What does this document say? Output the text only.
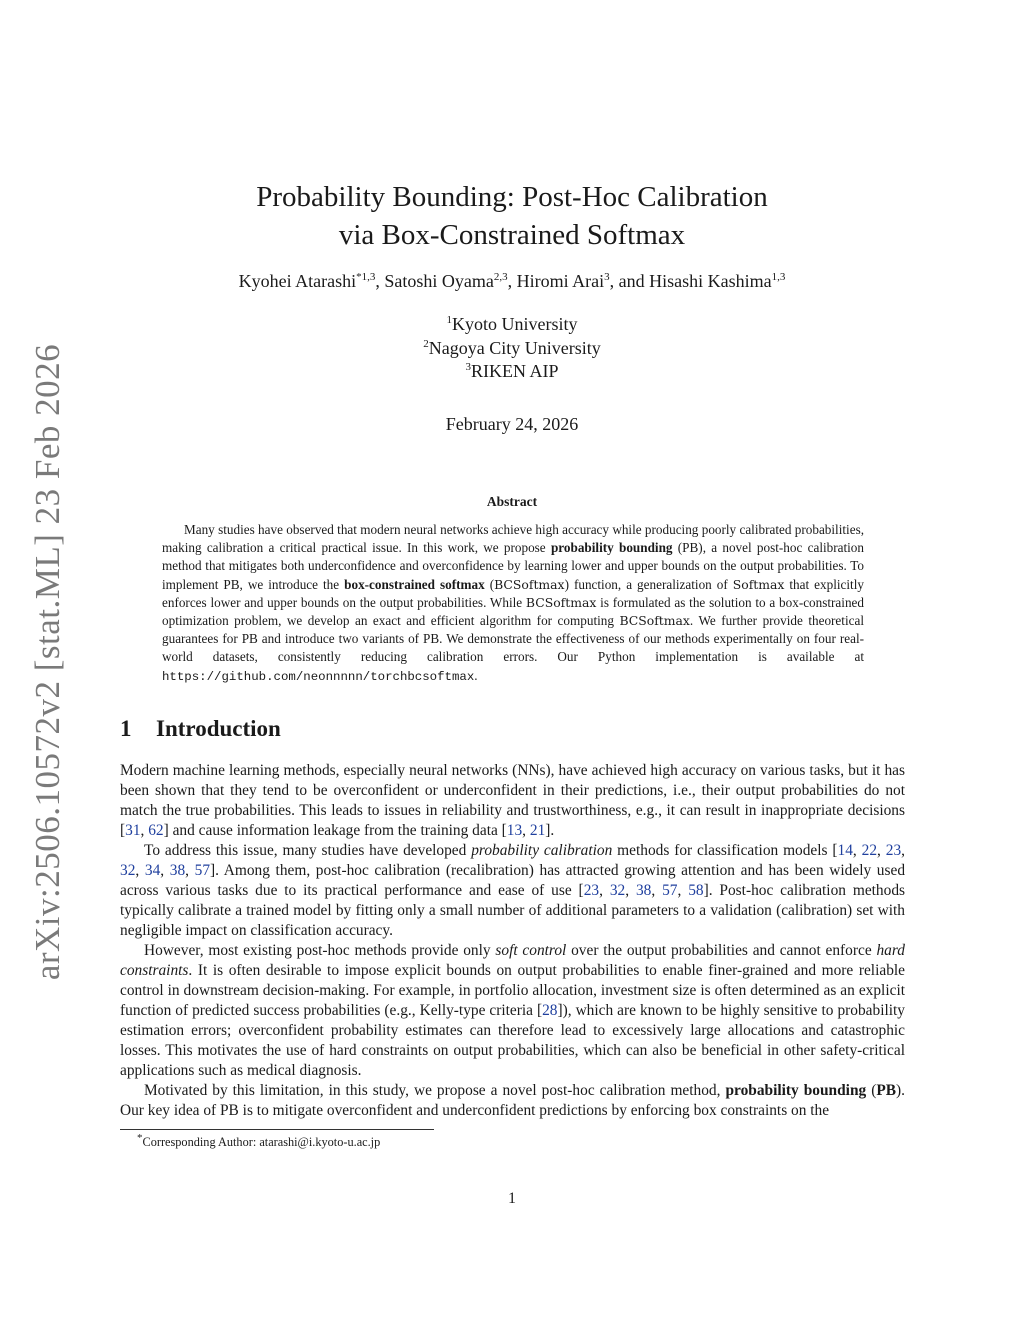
arXiv:2506.10572v2 [stat.ML] 23 Feb 2026
Probability Bounding: Post-Hoc Calibration
via Box-Constrained Softmax
Kyohei Atarashi$^{*1,3}$, Satoshi Oyama$^{2,3}$, Hiromi Arai$^3$, and Hisashi Kashima$^{1,3}$
$^1$Kyoto University
$^2$Nagoya City University
$^3$RIKEN AIP
February 24, 2026
Abstract

Many studies have observed that modern neural networks achieve high accuracy while producing poorly calibrated probabilities, making calibration a critical practical issue. In this work, we propose probability bounding (PB), a novel post-hoc calibration method that mitigates both underconfidence and overconfidence by learning lower and upper bounds on the output probabilities. To implement PB, we introduce the box-constrained softmax (BCSoftmax) function, a generalization of Softmax that explicitly enforces lower and upper bounds on the output probabilities. While BCSoftmax is formulated as the solution to a box-constrained optimization problem, we develop an exact and efficient algorithm for computing BCSoftmax. We further provide theoretical guarantees for PB and introduce two variants of PB. We demonstrate the effectiveness of our methods experimentally on four real-world datasets, consistently reducing calibration errors. Our Python implementation is available at https://github.com/neonnnnn/torchbcsoftmax.

1 Introduction

Modern machine learning methods, especially neural networks (NNs), have achieved high accuracy on various tasks, but it has been shown that they tend to be overconfident or underconfident in their predictions, i.e., their output probabilities do not match the true probabilities. This leads to issues in reliability and trustworthiness, e.g., it can result in inappropriate decisions [31, 62] and cause information leakage from the training data [13, 21].

To address this issue, many studies have developed probability calibration methods for classification models [14, 22, 23, 32, 34, 38, 57]. Among them, post-hoc calibration (recalibration) has attracted growing attention and has been widely used across various tasks due to its practical performance and ease of use [23, 32, 38, 57, 58]. Post-hoc calibration methods typically calibrate a trained model by fitting only a small number of additional parameters to a validation (calibration) set with negligible impact on classification accuracy.

However, most existing post-hoc methods provide only soft control over the output probabilities and cannot enforce hard constraints. It is often desirable to impose explicit bounds on output probabilities to enable finer-grained and more reliable control in downstream decision-making. For example, in portfolio allocation, investment size is often determined as an explicit function of predicted success probabilities (e.g., Kelly-type criteria [28]), which are known to be highly sensitive to probability estimation errors; overconfident probability estimates can therefore lead to excessively large allocations and catastrophic losses. This motivates the use of hard constraints on output probabilities, which can also be beneficial in other safety-critical applications such as medical diagnosis.

Motivated by this limitation, in this study, we propose a novel post-hoc calibration method, probability bounding (PB). Our key idea of PB is to mitigate overconfident and underconfident predictions by enforcing box constraints on the

*Corresponding Author: atarashi@i.kyoto-u.ac.jp
1
